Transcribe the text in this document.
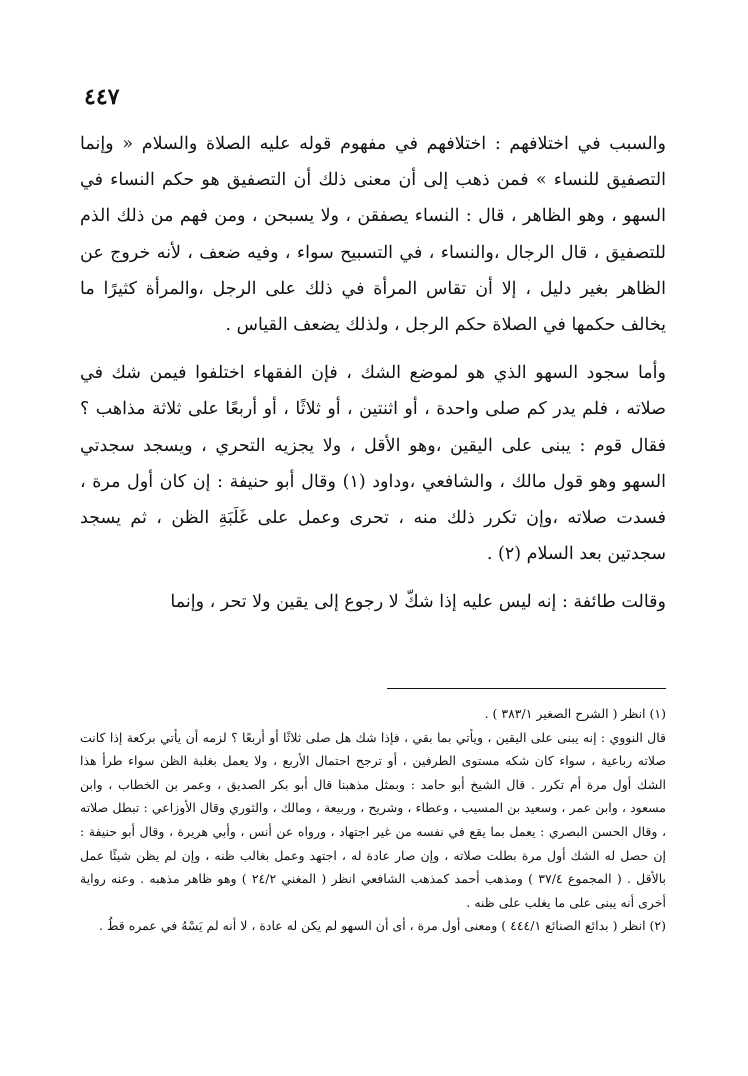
٤٤٧

والسبب في اختلافهم : اختلافهم في مفهوم قوله عليه الصلاة والسلام « وإنما التصفيق للنساء » فمن ذهب إلى أن معنى ذلك أن التصفيق هو حكم النساء في السهو ، وهو الظاهر ، قال : النساء يصفقن ، ولا يسبحن ، ومن فهم من ذلك الذم للتصفيق ، قال الرجال ،والنساء ، في التسبيح سواء ، وفيه ضعف ، لأنه خروج عن الظاهر بغير دليل ، إلا أن تقاس المرأة في ذلك على الرجل ،والمرأة كثيرًا ما يخالف حكمها في الصلاة حكم الرجل ، ولذلك يضعف القياس .

وأما سجود السهو الذي هو لموضع الشك ، فإن الفقهاء اختلفوا فيمن شك في صلاته ، فلم يدر كم صلى واحدة ، أو اثنتين ، أو ثلاثًا ، أو أربعًا على ثلاثة مذاهب ؟ فقال قوم : يبنى على اليقين ،وهو الأقل ، ولا يجزيه التحري ، ويسجد سجدتي السهو وهو قول مالك ، والشافعي ،وداود (١) وقال أبو حنيفة : إن كان أول مرة ، فسدت صلاته ،وإن تكرر ذلك منه ، تحرى وعمل على غَلَبَةِ الظن ، ثم يسجد سجدتين بعد السلام (٢) .

وقالت طائفة : إنه ليس عليه إذا شكّ لا رجوع إلى يقين ولا تحر ، وإنما

(١) انظر ( الشرح الصغير ٣٨٣/١ ) .

قال النووي : إنه يبنى على اليقين ، ويأتي بما بقي ، فإذا شك هل صلى ثلاثًا أو أربعًا ؟ لزمه أن يأتي بركعة إذا كانت صلاته رباعية ، سواء كان شكه مستوى الطرفين ، أو ترجح احتمال الأربع ، ولا يعمل بغلبة الظن سواء طرأ هذا الشك أول مرة أم تكرر . قال الشيخ أبو حامد : وبمثل مذهبنا قال أبو بكر الصديق ، وعمر بن الخطاب ، وابن مسعود ، وابن عمر ، وسعيد بن المسيب ، وعطاء ، وشريح ، وربيعة ، ومالك ، والثوري وقال الأوزاعي : تبطل صلاته ، وقال الحسن البصري : يعمل بما يقع في نفسه من غير اجتهاد ، ورواه عن أنس ، وأبي هريرة ، وقال أبو حنيفة : إن حصل له الشك أول مرة بطلت صلاته ، وإن صار عادة له ، اجتهد وعمل بغالب ظنه ، وإن لم يظن شيئًا عمل بالأقل . ( المجموع ٣٧/٤ ) ومذهب أحمد كمذهب الشافعي انظر ( المغني ٢٤/٢ ) وهو ظاهر مذهبه . وعنه رواية أخرى أنه يبنى على ما يغلب على ظنه .

(٢) انظر ( بدائع الصنائع ٤٤٤/١ ) ومعنى أول مرة ، أى أن السهو لم يكن له عادة ، لا أنه لم يَسْهُ في عمره قطُ .
